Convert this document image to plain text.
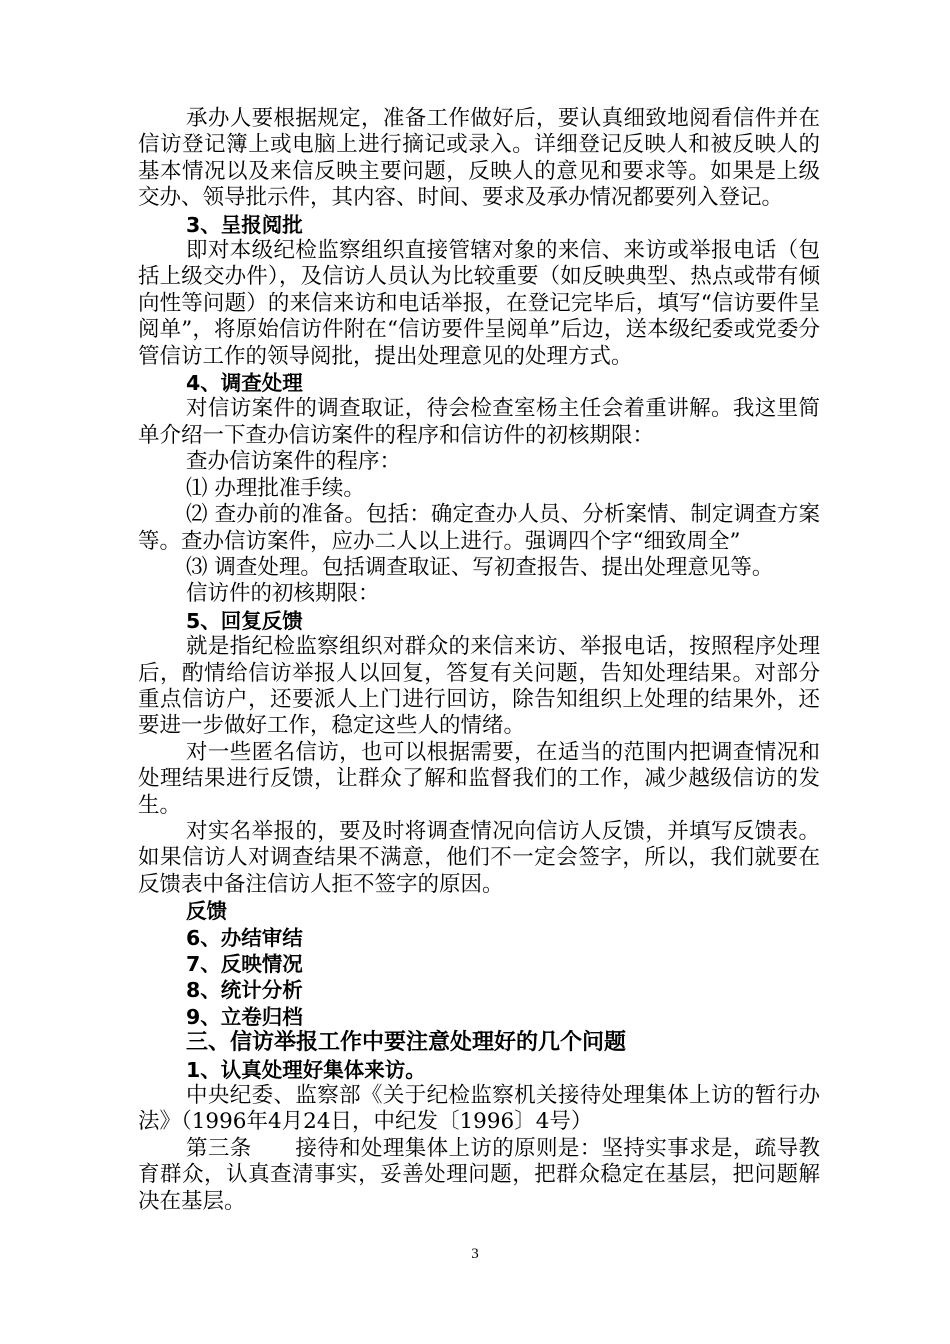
承办人要根据规定，准备工作做好后，要认真细致地阅看信件并在信访登记簿上或电脑上进行摘记或录入。详细登记反映人和被反映人的基本情况以及来信反映主要问题，反映人的意见和要求等。如果是上级交办、领导批示件，其内容、时间、要求及承办情况都要列入登记。

3、呈报阅批

即对本级纪检监察组织直接管辖对象的来信、来访或举报电话（包括上级交办件），及信访人员认为比较重要（如反映典型、热点或带有倾向性等问题）的来信来访和电话举报，在登记完毕后，填写“信访要件呈阅单”，将原始信访件附在“信访要件呈阅单”后边，送本级纪委或党委分管信访工作的领导阅批，提出处理意见的处理方式。

4、调查处理

对信访案件的调查取证，待会检查室杨主任会着重讲解。我这里简单介绍一下查办信访案件的程序和信访件的初核期限：

查办信访案件的程序：

⑴ 办理批准手续。

⑵ 查办前的准备。包括：确定查办人员、分析案情、制定调查方案等。查办信访案件，应办二人以上进行。强调四个字“细致周全”

⑶ 调查处理。包括调查取证、写初查报告、提出处理意见等。

信访件的初核期限：

5、回复反馈

就是指纪检监察组织对群众的来信来访、举报电话，按照程序处理后，酌情给信访举报人以回复，答复有关问题，告知处理结果。对部分重点信访户，还要派人上门进行回访，除告知组织上处理的结果外，还要进一步做好工作，稳定这些人的情绪。

对一些匿名信访，也可以根据需要，在适当的范围内把调查情况和处理结果进行反馈，让群众了解和监督我们的工作，减少越级信访的发生。

对实名举报的，要及时将调查情况向信访人反馈，并填写反馈表。如果信访人对调查结果不满意，他们不一定会签字，所以，我们就要在反馈表中备注信访人拒不签字的原因。

反馈

6、办结审结

7、反映情况

8、统计分析

9、立卷归档

三、信访举报工作中要注意处理好的几个问题

1、认真处理好集体来访。

中央纪委、监察部《关于纪检监察机关接待处理集体上访的暂行办法》（1996年4月24日，中纪发〔1996〕4号）

第三条　　接待和处理集体上访的原则是：坚持实事求是，疏导教育群众，认真查清事实，妥善处理问题，把群众稳定在基层，把问题解决在基层。

3
